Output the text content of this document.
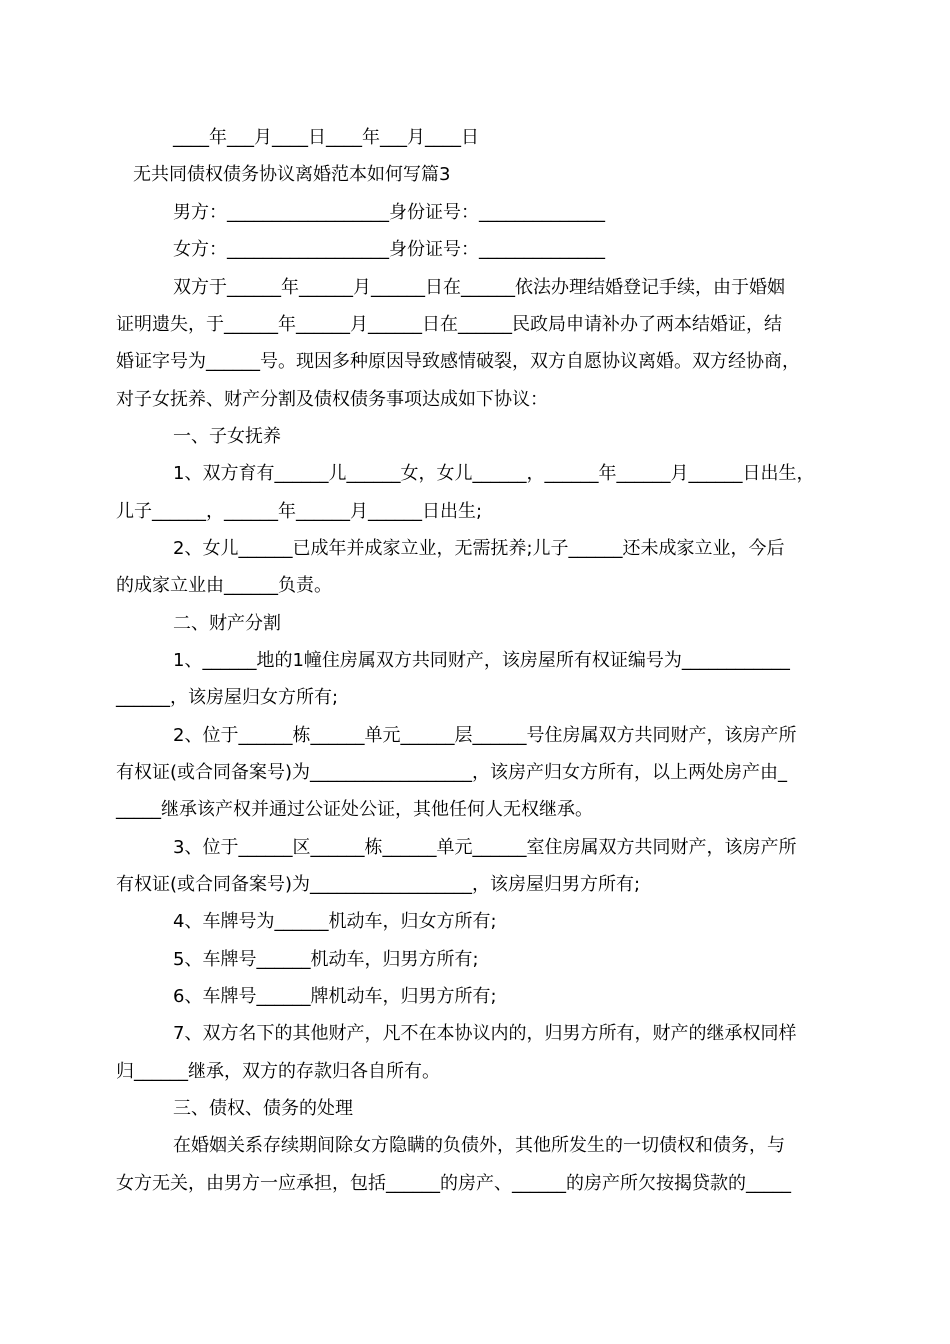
____年___月____日____年___月____日
无共同债权债务协议离婚范本如何写篇3
男方：__________________身份证号：______________
女方：__________________身份证号：______________
双方于______年______月______日在______依法办理结婚登记手续，由于婚姻
证明遗失，于______年______月______日在______民政局申请补办了两本结婚证，结
婚证字号为______号。现因多种原因导致感情破裂，双方自愿协议离婚。双方经协商，
对子女抚养、财产分割及债权债务事项达成如下协议：
一、子女抚养
1、双方育有______儿______女，女儿______，______年______月______日出生，
儿子______，______年______月______日出生;
2、女儿______已成年并成家立业，无需抚养;儿子______还未成家立业，今后
的成家立业由______负责。
二、财产分割
1、______地的1幢住房属双方共同财产，该房屋所有权证编号为____________
______，该房屋归女方所有;
2、位于______栋______单元______层______号住房属双方共同财产，该房产所
有权证(或合同备案号)为__________________，该房产归女方所有，以上两处房产由_
_____继承该产权并通过公证处公证，其他任何人无权继承。
3、位于______区______栋______单元______室住房属双方共同财产，该房产所
有权证(或合同备案号)为__________________，该房屋归男方所有;
4、车牌号为______机动车，归女方所有;
5、车牌号______机动车，归男方所有;
6、车牌号______牌机动车，归男方所有;
7、双方名下的其他财产，凡不在本协议内的，归男方所有，财产的继承权同样
归______继承，双方的存款归各自所有。
三、债权、债务的处理
在婚姻关系存续期间除女方隐瞒的负债外，其他所发生的一切债权和债务，与
女方无关，由男方一应承担，包括______的房产、______的房产所欠按揭贷款的_____
